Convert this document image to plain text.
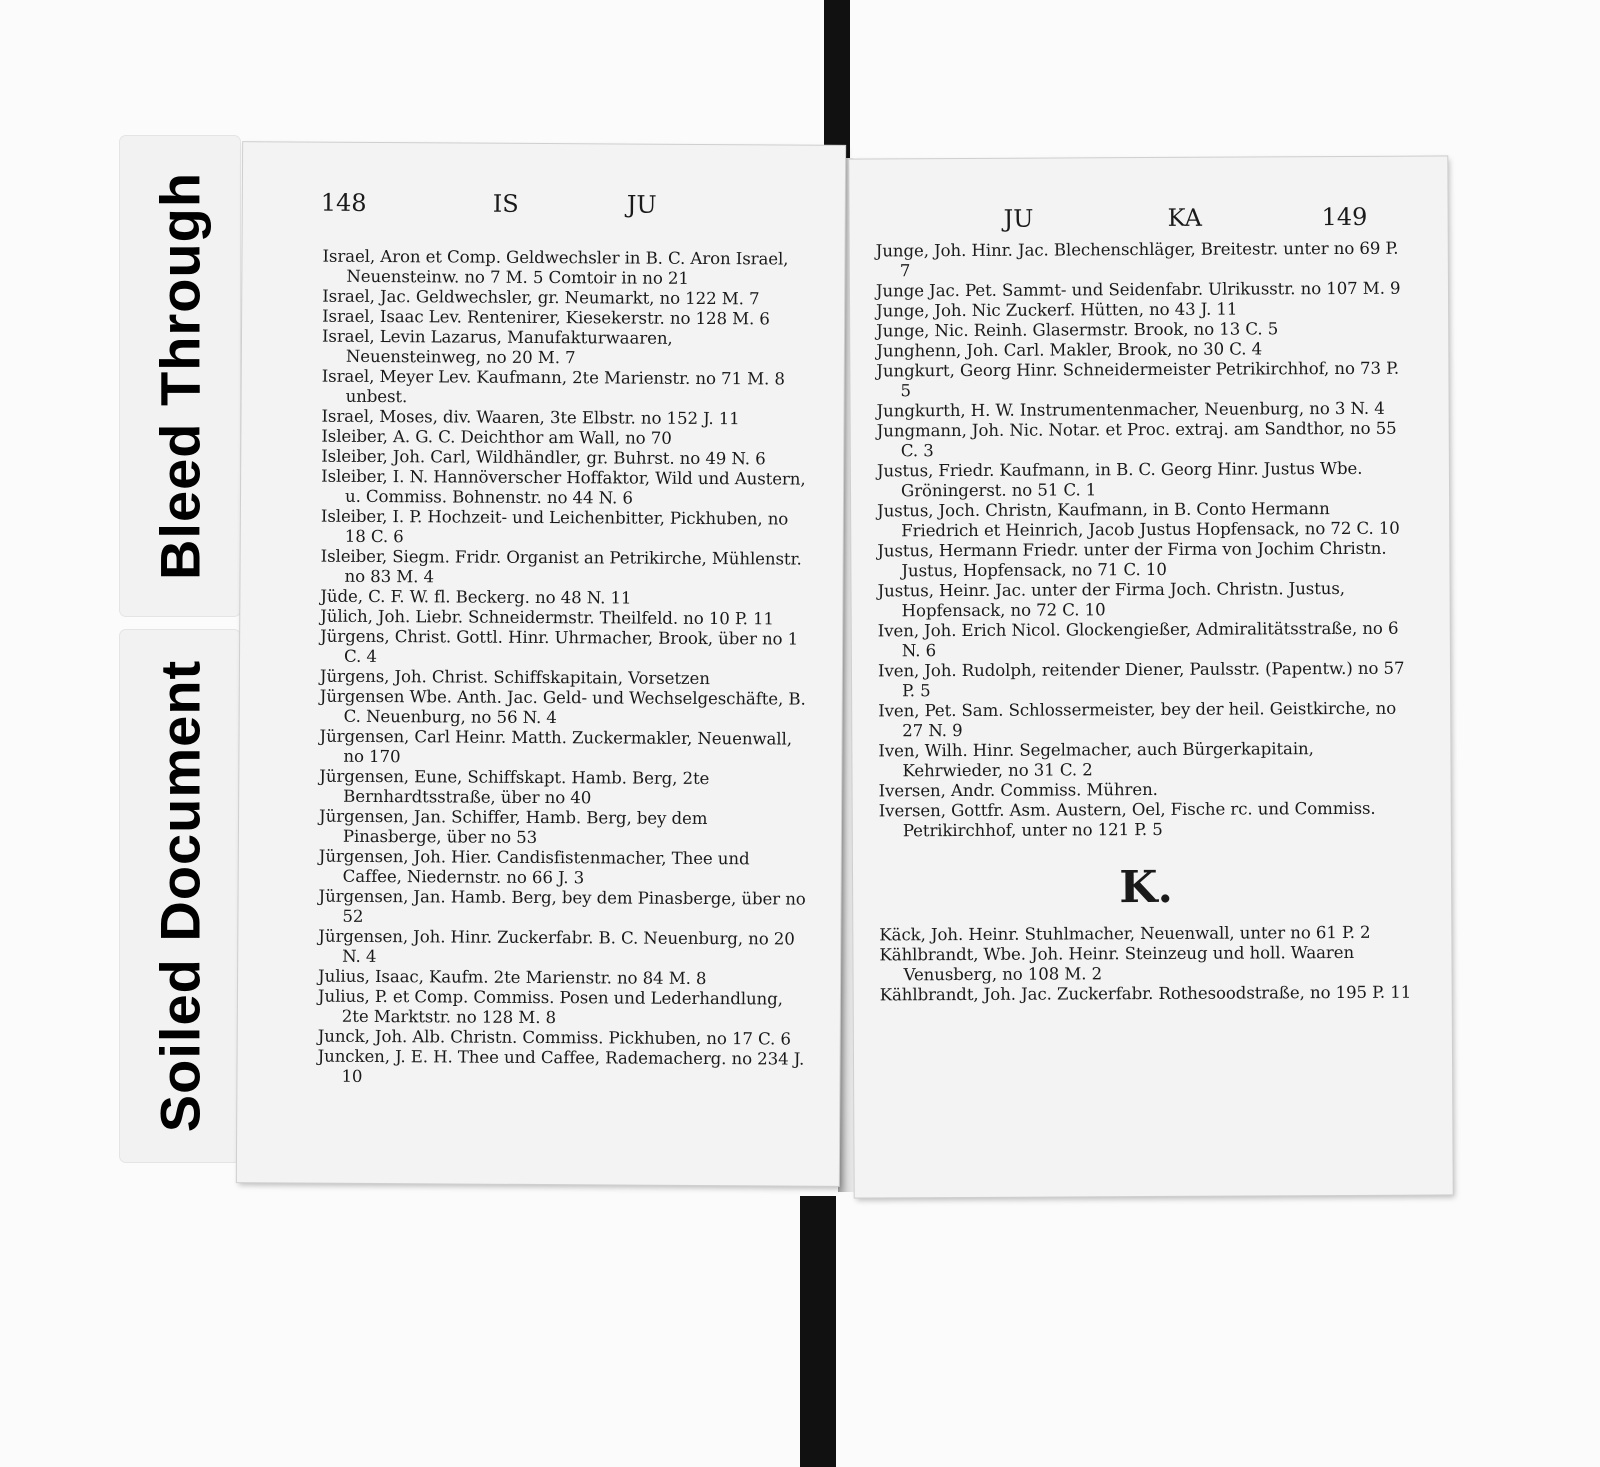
Bleed Through
Soiled Document
148	IS	JU
Israel, Aron et Comp. Geldwechsler in B. C. Aron Israel, Neuensteinw. no 7 M. 5 Comtoir in no 21
Israel, Jac. Geldwechsler, gr. Neumarkt, no 122 M. 7
Israel, Isaac Lev. Rentenirer, Kiesekerstr. no 128 M. 6
Israel, Levin Lazarus, Manufakturwaaren, Neuensteinweg, no 20 M. 7
Israel, Meyer Lev. Kaufmann, 2te Marienstr. no 71 M. 8 unbest.
Israel, Moses, div. Waaren, 3te Elbstr. no 152 J. 11
Isleiber, A. G. C. Deichthor am Wall, no 70
Isleiber, Joh. Carl, Wildhändler, gr. Buhrst. no 49 N. 6
Isleiber, I. N. Hannöverscher Hoffaktor, Wild und Austern, u. Commiss. Bohnenstr. no 44 N. 6
Isleiber, I. P. Hochzeit- und Leichenbitter, Pickhuben, no 18 C. 6
Isleiber, Siegm. Fridr. Organist an Petrikirche, Mühlenstr. no 83 M. 4
Jüde, C. F. W. fl. Beckerg. no 48 N. 11
Jülich, Joh. Liebr. Schneidermstr. Theilfeld. no 10 P. 11
Jürgens, Christ. Gottl. Hinr. Uhrmacher, Brook, über no 1 C. 4
Jürgens, Joh. Christ. Schiffskapitain, Vorsetzen
Jürgensen Wbe. Anth. Jac. Geld- und Wechselgeschäfte, B. C. Neuenburg, no 56 N. 4
Jürgensen, Carl Heinr. Matth. Zuckermakler, Neuenwall, no 170
Jürgensen, Eune, Schiffskapt. Hamb. Berg, 2te Bernhardtsstraße, über no 40
Jürgensen, Jan. Schiffer, Hamb. Berg, bey dem Pinasberge, über no 53
Jürgensen, Joh. Hier. Candisfistenmacher, Thee und Caffee, Niedernstr. no 66 J. 3
Jürgensen, Jan. Hamb. Berg, bey dem Pinasberge, über no 52
Jürgensen, Joh. Hinr. Zuckerfabr. B. C. Neuenburg, no 20 N. 4
Julius, Isaac, Kaufm. 2te Marienstr. no 84 M. 8
Julius, P. et Comp. Commiss. Posen und Lederhandlung, 2te Marktstr. no 128 M. 8
Junck, Joh. Alb. Christn. Commiss. Pickhuben, no 17 C. 6
Juncken, J. E. H. Thee und Caffee, Rademacherg. no 234 J. 10
JU	KA	149
Junge, Joh. Hinr. Jac. Blechenschläger, Breitestr. unter no 69 P. 7
Junge Jac. Pet. Sammt- und Seidenfabr. Ulrikusstr. no 107 M. 9
Junge, Joh. Nic Zuckerf. Hütten, no 43 J. 11
Junge, Nic. Reinh. Glasermstr. Brook, no 13 C. 5
Junghenn, Joh. Carl. Makler, Brook, no 30 C. 4
Jungkurt, Georg Hinr. Schneidermeister Petrikirchhof, no 73 P. 5
Jungkurth, H. W. Instrumentenmacher, Neuenburg, no 3 N. 4
Jungmann, Joh. Nic. Notar. et Proc. extraj. am Sandthor, no 55 C. 3
Justus, Friedr. Kaufmann, in B. C. Georg Hinr. Justus Wbe. Gröningerst. no 51 C. 1
Justus, Joch. Christn, Kaufmann, in B. Conto Hermann Friedrich et Heinrich, Jacob Justus Hopfensack, no 72 C. 10
Justus, Hermann Friedr. unter der Firma von Jochim Christn. Justus, Hopfensack, no 71 C. 10
Justus, Heinr. Jac. unter der Firma Joch. Christn. Justus, Hopfensack, no 72 C. 10
Iven, Joh. Erich Nicol. Glockengießer, Admiralitätsstraße, no 6 N. 6
Iven, Joh. Rudolph, reitender Diener, Paulsstr. (Papentw.) no 57 P. 5
Iven, Pet. Sam. Schlossermeister, bey der heil. Geistkirche, no 27 N. 9
Iven, Wilh. Hinr. Segelmacher, auch Bürgerkapitain, Kehrwieder, no 31 C. 2
Iversen, Andr. Commiss. Mühren.
Iversen, Gottfr. Asm. Austern, Oel, Fische rc. und Commiss. Petrikirchhof, unter no 121 P. 5
K.
Käck, Joh. Heinr. Stuhlmacher, Neuenwall, unter no 61 P. 2
Kählbrandt, Wbe. Joh. Heinr. Steinzeug und holl. Waaren Venusberg, no 108 M. 2
Kählbrandt, Joh. Jac. Zuckerfabr. Rothesoodstraße, no 195 P. 11
